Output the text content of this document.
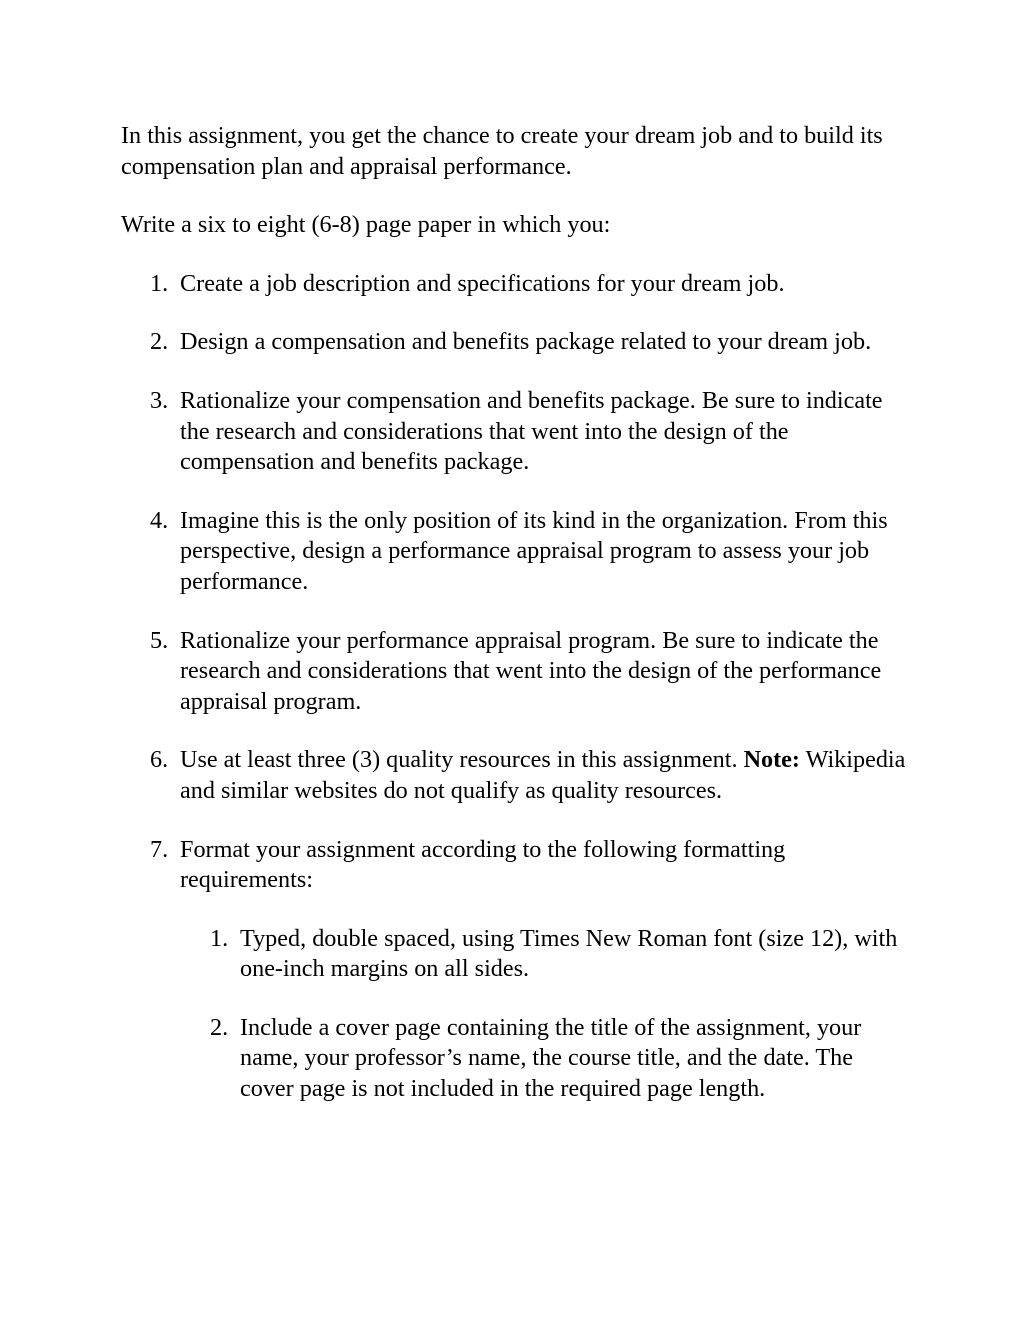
In this assignment, you get the chance to create your dream job and to build its compensation plan and appraisal performance.

Write a six to eight (6-8) page paper in which you:

1. Create a job description and specifications for your dream job.
2. Design a compensation and benefits package related to your dream job.
3. Rationalize your compensation and benefits package. Be sure to indicate the research and considerations that went into the design of the compensation and benefits package.
4. Imagine this is the only position of its kind in the organization. From this perspective, design a performance appraisal program to assess your job performance.
5. Rationalize your performance appraisal program. Be sure to indicate the research and considerations that went into the design of the performance appraisal program.
6. Use at least three (3) quality resources in this assignment. Note: Wikipedia and similar websites do not qualify as quality resources.
7. Format your assignment according to the following formatting requirements:
1. Typed, double spaced, using Times New Roman font (size 12), with one-inch margins on all sides.
2. Include a cover page containing the title of the assignment, your name, your professor’s name, the course title, and the date. The cover page is not included in the required page length.
